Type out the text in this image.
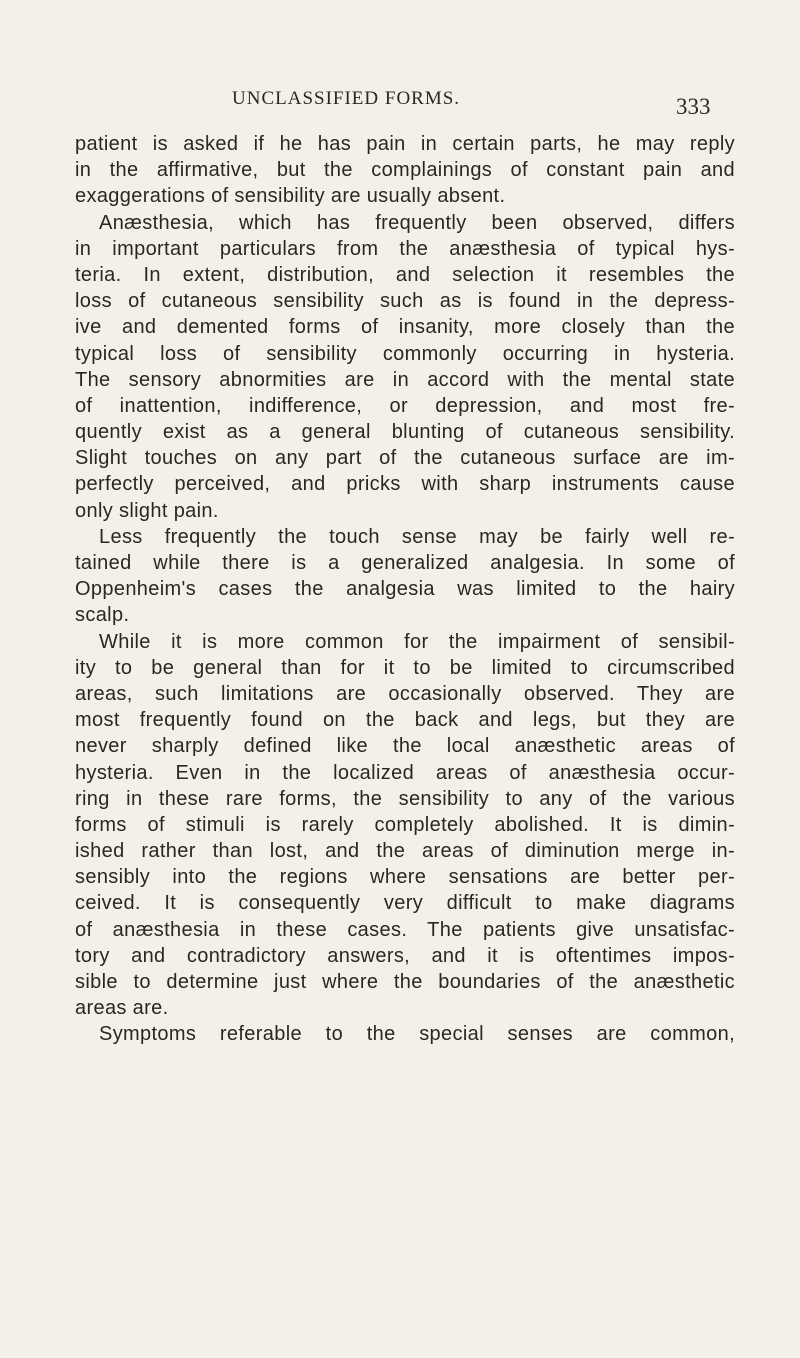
UNCLASSIFIED FORMS.	333
patient is asked if he has pain in certain parts, he may reply
in the affirmative, but the complainings of constant pain and
exaggerations of sensibility are usually absent.
Anæsthesia, which has frequently been observed, differs
in important particulars from the anæsthesia of typical hys-
teria. In extent, distribution, and selection it resembles the
loss of cutaneous sensibility such as is found in the depress-
ive and demented forms of insanity, more closely than the
typical loss of sensibility commonly occurring in hysteria.
The sensory abnormities are in accord with the mental state
of inattention, indifference, or depression, and most fre-
quently exist as a general blunting of cutaneous sensibility.
Slight touches on any part of the cutaneous surface are im-
perfectly perceived, and pricks with sharp instruments cause
only slight pain.
Less frequently the touch sense may be fairly well re-
tained while there is a generalized analgesia. In some of
Oppenheim's cases the analgesia was limited to the hairy
scalp.
While it is more common for the impairment of sensibil-
ity to be general than for it to be limited to circumscribed
areas, such limitations are occasionally observed. They are
most frequently found on the back and legs, but they are
never sharply defined like the local anæsthetic areas of
hysteria. Even in the localized areas of anæsthesia occur-
ring in these rare forms, the sensibility to any of the various
forms of stimuli is rarely completely abolished. It is dimin-
ished rather than lost, and the areas of diminution merge in-
sensibly into the regions where sensations are better per-
ceived. It is consequently very difficult to make diagrams
of anæsthesia in these cases. The patients give unsatisfac-
tory and contradictory answers, and it is oftentimes impos-
sible to determine just where the boundaries of the anæsthetic
areas are.
Symptoms referable to the special senses are common,
